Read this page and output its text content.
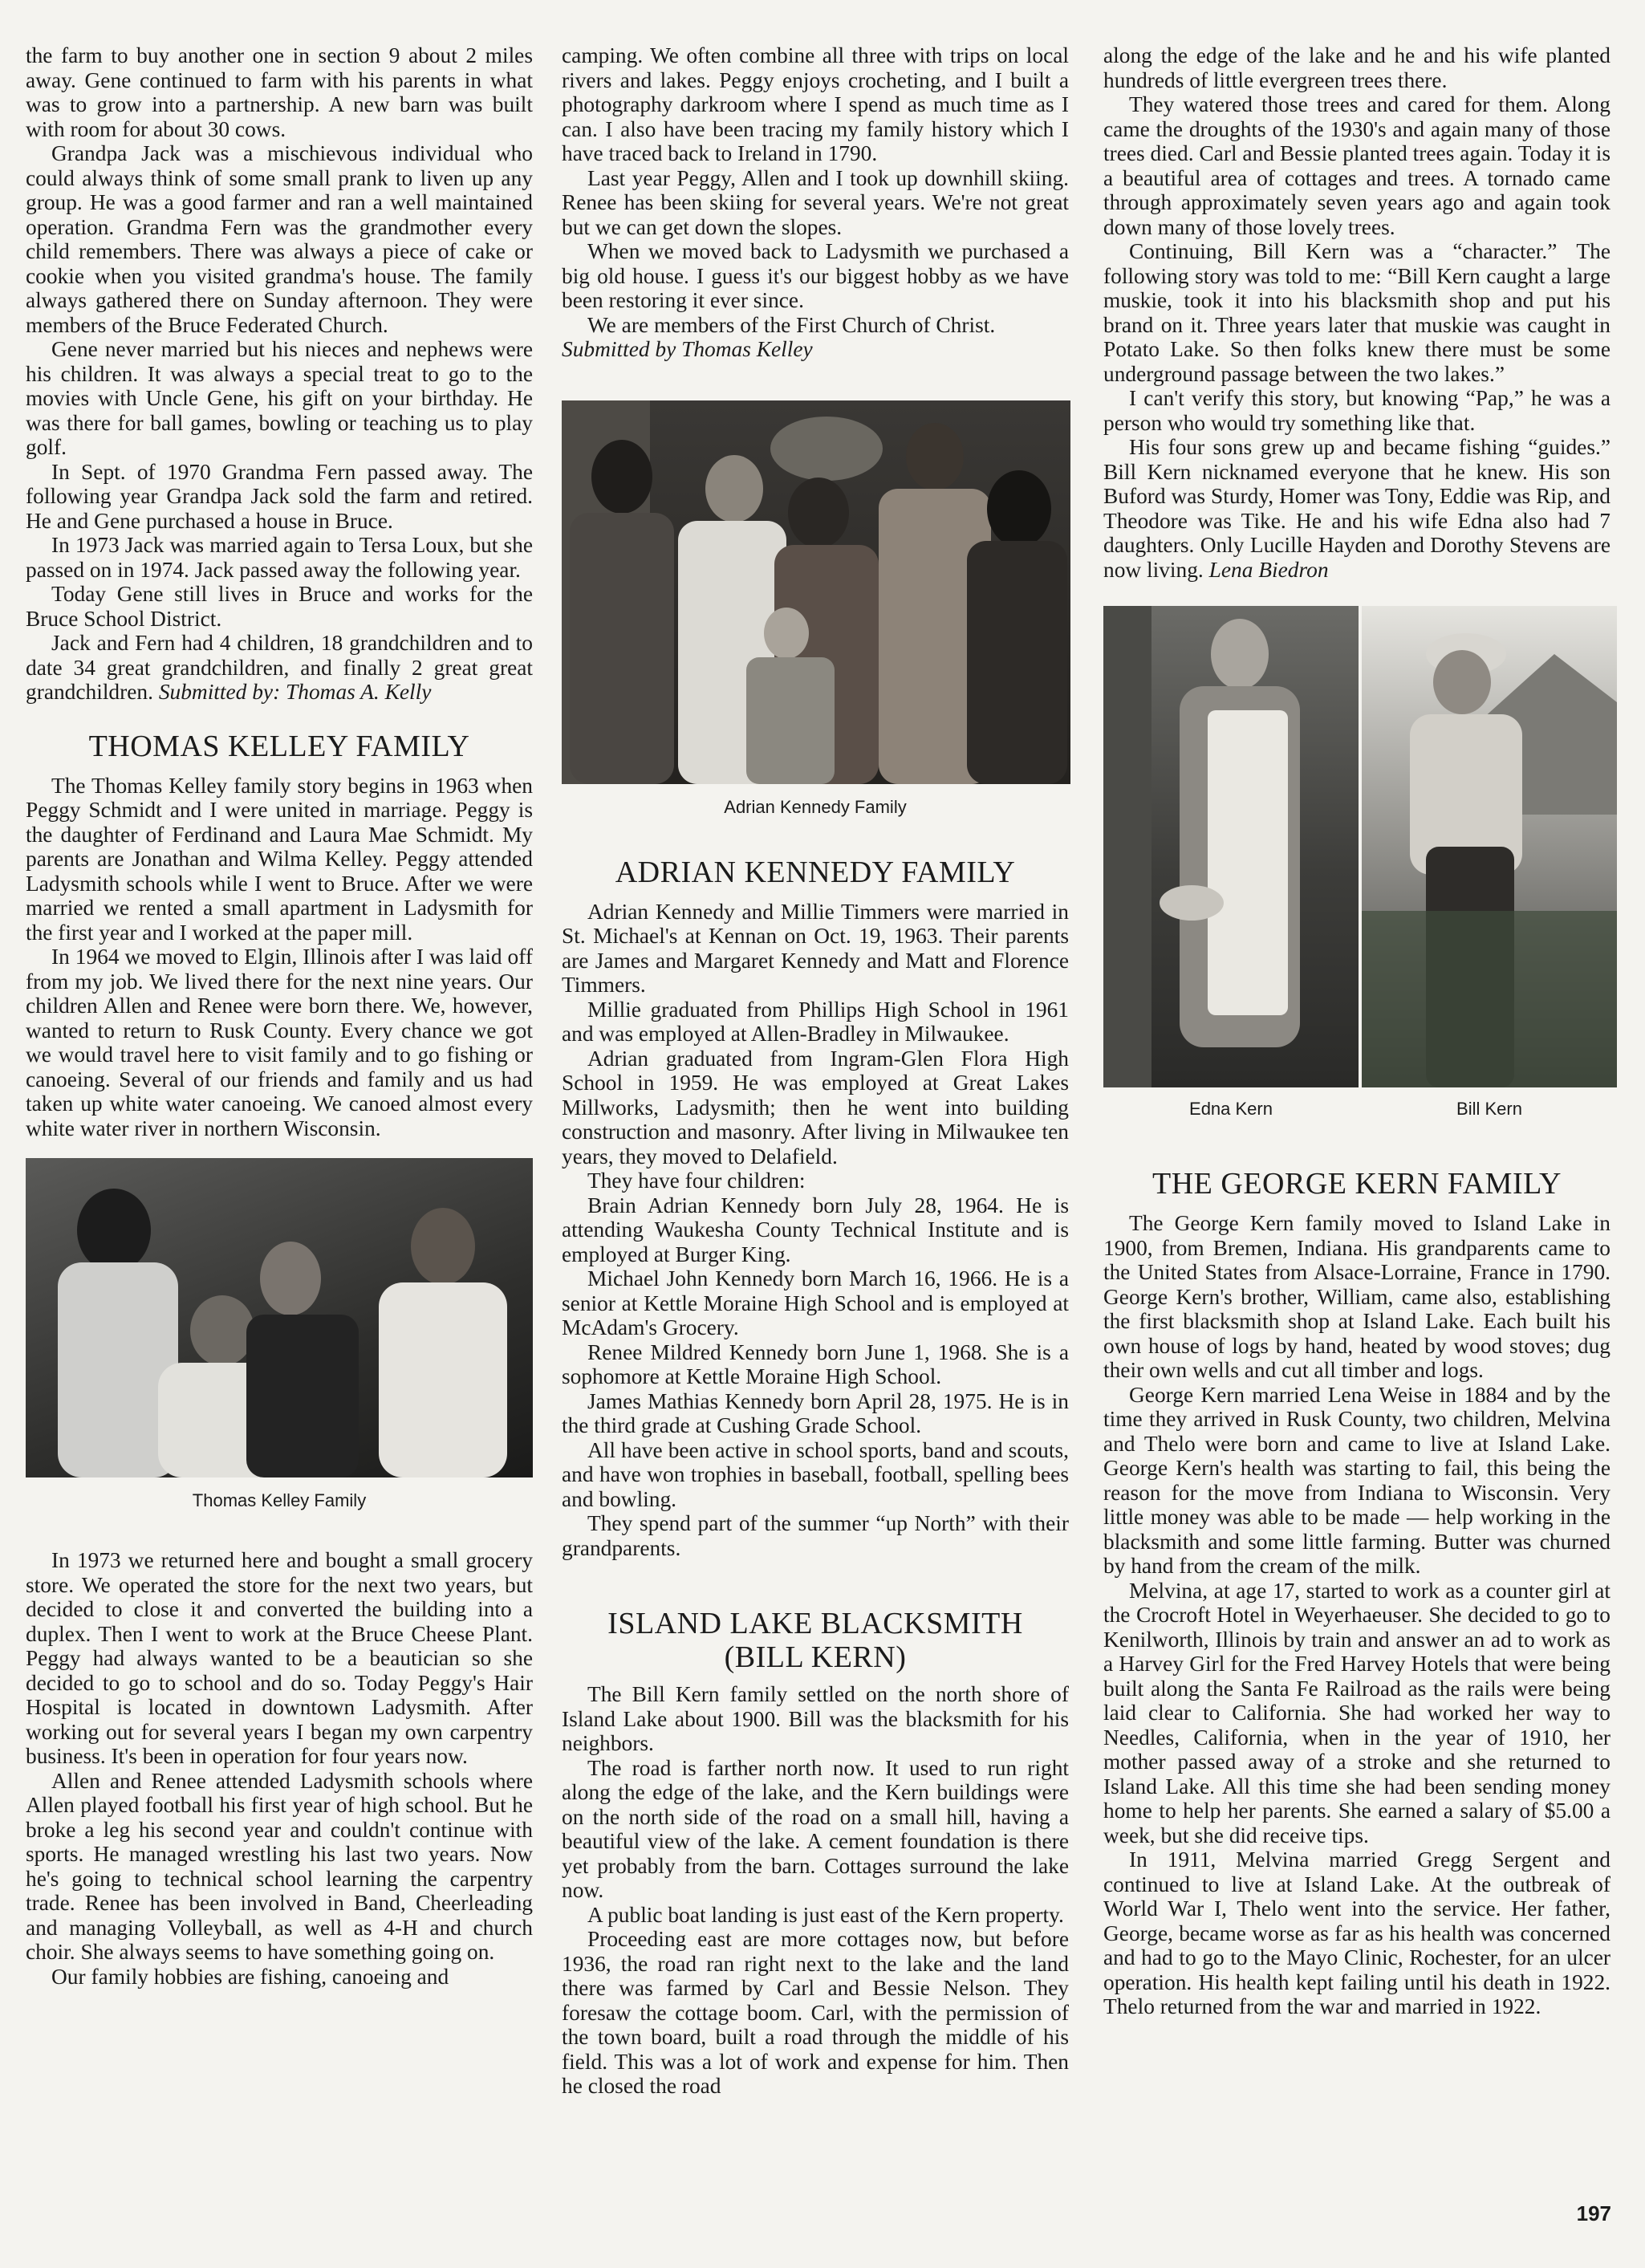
the farm to buy another one in section 9 about 2 miles away. Gene continued to farm with his parents in what was to grow into a partnership. A new barn was built with room for about 30 cows.

Grandpa Jack was a mischievous individual who could always think of some small prank to liven up any group. He was a good farmer and ran a well maintained operation. Grandma Fern was the grandmother every child remembers. There was always a piece of cake or cookie when you visited grandma's house. The family always gathered there on Sunday afternoon. They were members of the Bruce Federated Church.

Gene never married but his nieces and nephews were his children. It was always a special treat to go to the movies with Uncle Gene, his gift on your birthday. He was there for ball games, bowling or teaching us to play golf.

In Sept. of 1970 Grandma Fern passed away. The following year Grandpa Jack sold the farm and retired. He and Gene purchased a house in Bruce.

In 1973 Jack was married again to Tersa Loux, but she passed on in 1974. Jack passed away the following year.

Today Gene still lives in Bruce and works for the Bruce School District.

Jack and Fern had 4 children, 18 grandchildren and to date 34 great grandchildren, and finally 2 great great grandchildren. Submitted by: Thomas A. Kelly

THOMAS KELLEY FAMILY

The Thomas Kelley family story begins in 1963 when Peggy Schmidt and I were united in marriage. Peggy is the daughter of Ferdinand and Laura Mae Schmidt. My parents are Jonathan and Wilma Kelley. Peggy attended Ladysmith schools while I went to Bruce. After we were married we rented a small apartment in Ladysmith for the first year and I worked at the paper mill.

In 1964 we moved to Elgin, Illinois after I was laid off from my job. We lived there for the next nine years. Our children Allen and Renee were born there. We, however, wanted to return to Rusk County. Every chance we got we would travel here to visit family and to go fishing or canoeing. Several of our friends and family and us had taken up white water canoeing. We canoed almost every white water river in northern Wisconsin.

Thomas Kelley Family

In 1973 we returned here and bought a small grocery store. We operated the store for the next two years, but decided to close it and converted the building into a duplex. Then I went to work at the Bruce Cheese Plant. Peggy had always wanted to be a beautician so she decided to go to school and do so. Today Peggy's Hair Hospital is located in downtown Ladysmith. After working out for several years I began my own carpentry business. It's been in operation for four years now.

Allen and Renee attended Ladysmith schools where Allen played football his first year of high school. But he broke a leg his second year and couldn't continue with sports. He managed wrestling his last two years. Now he's going to technical school learning the carpentry trade. Renee has been involved in Band, Cheerleading and managing Volleyball, as well as 4-H and church choir. She always seems to have something going on.

Our family hobbies are fishing, canoeing and

camping. We often combine all three with trips on local rivers and lakes. Peggy enjoys crocheting, and I built a photography darkroom where I spend as much time as I can. I also have been tracing my family history which I have traced back to Ireland in 1790.

Last year Peggy, Allen and I took up downhill skiing. Renee has been skiing for several years. We're not great but we can get down the slopes.

When we moved back to Ladysmith we purchased a big old house. I guess it's our biggest hobby as we have been restoring it ever since.

We are members of the First Church of Christ.

Submitted by Thomas Kelley

Adrian Kennedy Family
ADRIAN KENNEDY FAMILY

Adrian Kennedy and Millie Timmers were married in St. Michael's at Kennan on Oct. 19, 1963. Their parents are James and Margaret Kennedy and Matt and Florence Timmers.

Millie graduated from Phillips High School in 1961 and was employed at Allen-Bradley in Milwaukee.

Adrian graduated from Ingram-Glen Flora High School in 1959. He was employed at Great Lakes Millworks, Ladysmith; then he went into building construction and masonry. After living in Milwaukee ten years, they moved to Delafield.

They have four children:

Brain Adrian Kennedy born July 28, 1964. He is attending Waukesha County Technical Institute and is employed at Burger King.

Michael John Kennedy born March 16, 1966. He is a senior at Kettle Moraine High School and is employed at McAdam's Grocery.

Renee Mildred Kennedy born June 1, 1968. She is a sophomore at Kettle Moraine High School.

James Mathias Kennedy born April 28, 1975. He is in the third grade at Cushing Grade School.

All have been active in school sports, band and scouts, and have won trophies in baseball, football, spelling bees and bowling.

They spend part of the summer “up North” with their grandparents.

ISLAND LAKE BLACKSMITH
(BILL KERN)

The Bill Kern family settled on the north shore of Island Lake about 1900. Bill was the blacksmith for his neighbors.

The road is farther north now. It used to run right along the edge of the lake, and the Kern buildings were on the north side of the road on a small hill, having a beautiful view of the lake. A cement foundation is there yet probably from the barn. Cottages surround the lake now.

A public boat landing is just east of the Kern property.

Proceeding east are more cottages now, but before 1936, the road ran right next to the lake and the land there was farmed by Carl and Bessie Nelson. They foresaw the cottage boom. Carl, with the permission of the town board, built a road through the middle of his field. This was a lot of work and expense for him. Then he closed the road

along the edge of the lake and he and his wife planted hundreds of little evergreen trees there.

They watered those trees and cared for them. Along came the droughts of the 1930's and again many of those trees died. Carl and Bessie planted trees again. Today it is a beautiful area of cottages and trees. A tornado came through approximately seven years ago and again took down many of those lovely trees.

Continuing, Bill Kern was a “character.” The following story was told to me: “Bill Kern caught a large muskie, took it into his blacksmith shop and put his brand on it. Three years later that muskie was caught in Potato Lake. So then folks knew there must be some underground passage between the two lakes.”

I can't verify this story, but knowing “Pap,” he was a person who would try something like that.

His four sons grew up and became fishing “guides.” Bill Kern nicknamed everyone that he knew. His son Buford was Sturdy, Homer was Tony, Eddie was Rip, and Theodore was Tike. He and his wife Edna also had 7 daughters. Only Lucille Hayden and Dorothy Stevens are now living. Lena Biedron

Edna Kern	Bill Kern
THE GEORGE KERN FAMILY

The George Kern family moved to Island Lake in 1900, from Bremen, Indiana. His grandparents came to the United States from Alsace-Lorraine, France in 1790. George Kern's brother, William, came also, establishing the first blacksmith shop at Island Lake. Each built his own house of logs by hand, heated by wood stoves; dug their own wells and cut all timber and logs.

George Kern married Lena Weise in 1884 and by the time they arrived in Rusk County, two children, Melvina and Thelo were born and came to live at Island Lake. George Kern's health was starting to fail, this being the reason for the move from Indiana to Wisconsin. Very little money was able to be made — help working in the blacksmith and some little farming. Butter was churned by hand from the cream of the milk.

Melvina, at age 17, started to work as a counter girl at the Crocroft Hotel in Weyerhaeuser. She decided to go to Kenilworth, Illinois by train and answer an ad to work as a Harvey Girl for the Fred Harvey Hotels that were being built along the Santa Fe Railroad as the rails were being laid clear to California. She had worked her way to Needles, California, when in the year of 1910, her mother passed away of a stroke and she returned to Island Lake. All this time she had been sending money home to help her parents. She earned a salary of $5.00 a week, but she did receive tips.

In 1911, Melvina married Gregg Sergent and continued to live at Island Lake. At the outbreak of World War I, Thelo went into the service. Her father, George, became worse as far as his health was concerned and had to go to the Mayo Clinic, Rochester, for an ulcer operation. His health kept failing until his death in 1922. Thelo returned from the war and married in 1922.

197
